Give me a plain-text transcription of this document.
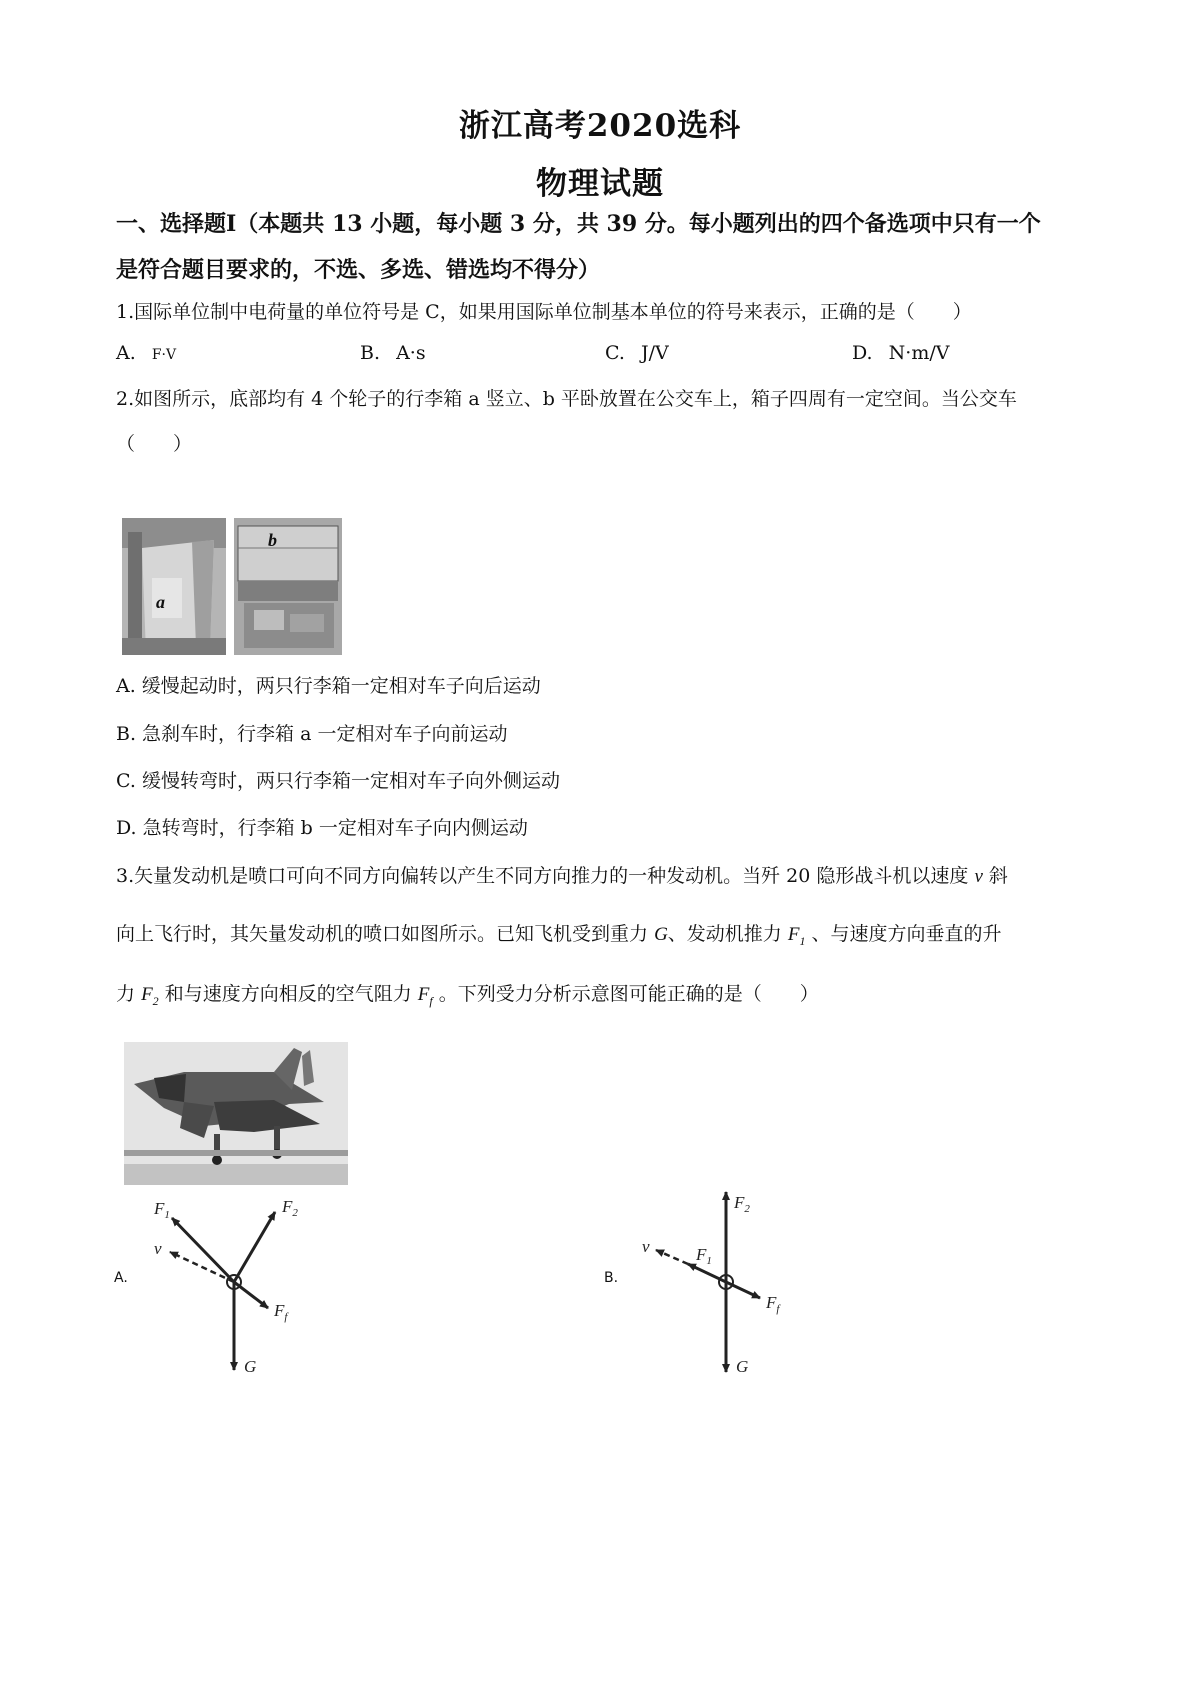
浙江高考2020选科
物理试题
一、选择题Ⅰ（本题共 13 小题，每小题 3 分，共 39 分。每小题列出的四个备选项中只有一个
是符合题目要求的，不选、多选、错选均不得分）
1.国际单位制中电荷量的单位符号是 C，如果用国际单位制基本单位的符号来表示，正确的是（　　）
A. F·V	B. A·s	C. J/V	D. N·m/V
2.如图所示，底部均有 4 个轮子的行李箱 a 竖立、b 平卧放置在公交车上，箱子四周有一定空间。当公交车
（　　）
a
b
A. 缓慢起动时，两只行李箱一定相对车子向后运动
B. 急刹车时，行李箱 a 一定相对车子向前运动
C. 缓慢转弯时，两只行李箱一定相对车子向外侧运动
D. 急转弯时，行李箱 b 一定相对车子向内侧运动
3.矢量发动机是喷口可向不同方向偏转以产生不同方向推力的一种发动机。当歼 20 隐形战斗机以速度 v 斜
向上飞行时，其矢量发动机的喷口如图所示。已知飞机受到重力 G、发动机推力 $F_1$ 、与速度方向垂直的升
力 $F_2$ 和与速度方向相反的空气阻力 $F_f$ 。下列受力分析示意图可能正确的是（　　）
A.
$F_1$	$F_2$
v
$F_f$
G
B.
$F_2$
$F_1$
v
$F_f$
G
